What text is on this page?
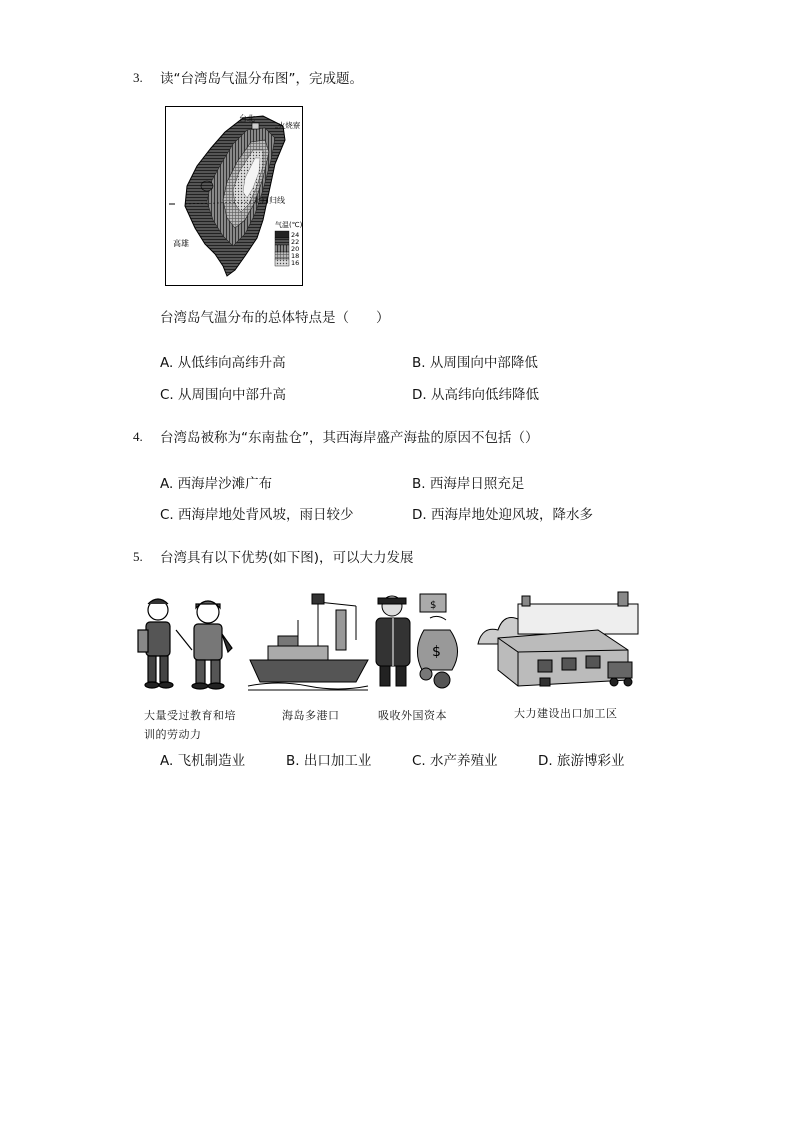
3. 读“台湾岛气温分布图”，完成题。
台北
火烧寮
北回归线
高雄
气温(℃)
24
22
20
18
16
台湾岛气温分布的总体特点是（　　）
A. 从低纬向高纬升高	B. 从周围向中部降低
C. 从周围向中部升高	D. 从高纬向低纬降低
4. 台湾岛被称为“东南盐仓”，其西海岸盛产海盐的原因不包括（）
A. 西海岸沙滩广布	B. 西海岸日照充足
C. 西海岸地处背风坡，雨日较少	D. 西海岸地处迎风坡，降水多
5. 台湾具有以下优势(如下图)，可以大力发展
$
$
大量受过教育和培
训的劳动力
海岛多港口	吸收外国资本	大力建设出口加工区
A. 飞机制造业	B. 出口加工业	C. 水产养殖业	D. 旅游博彩业
